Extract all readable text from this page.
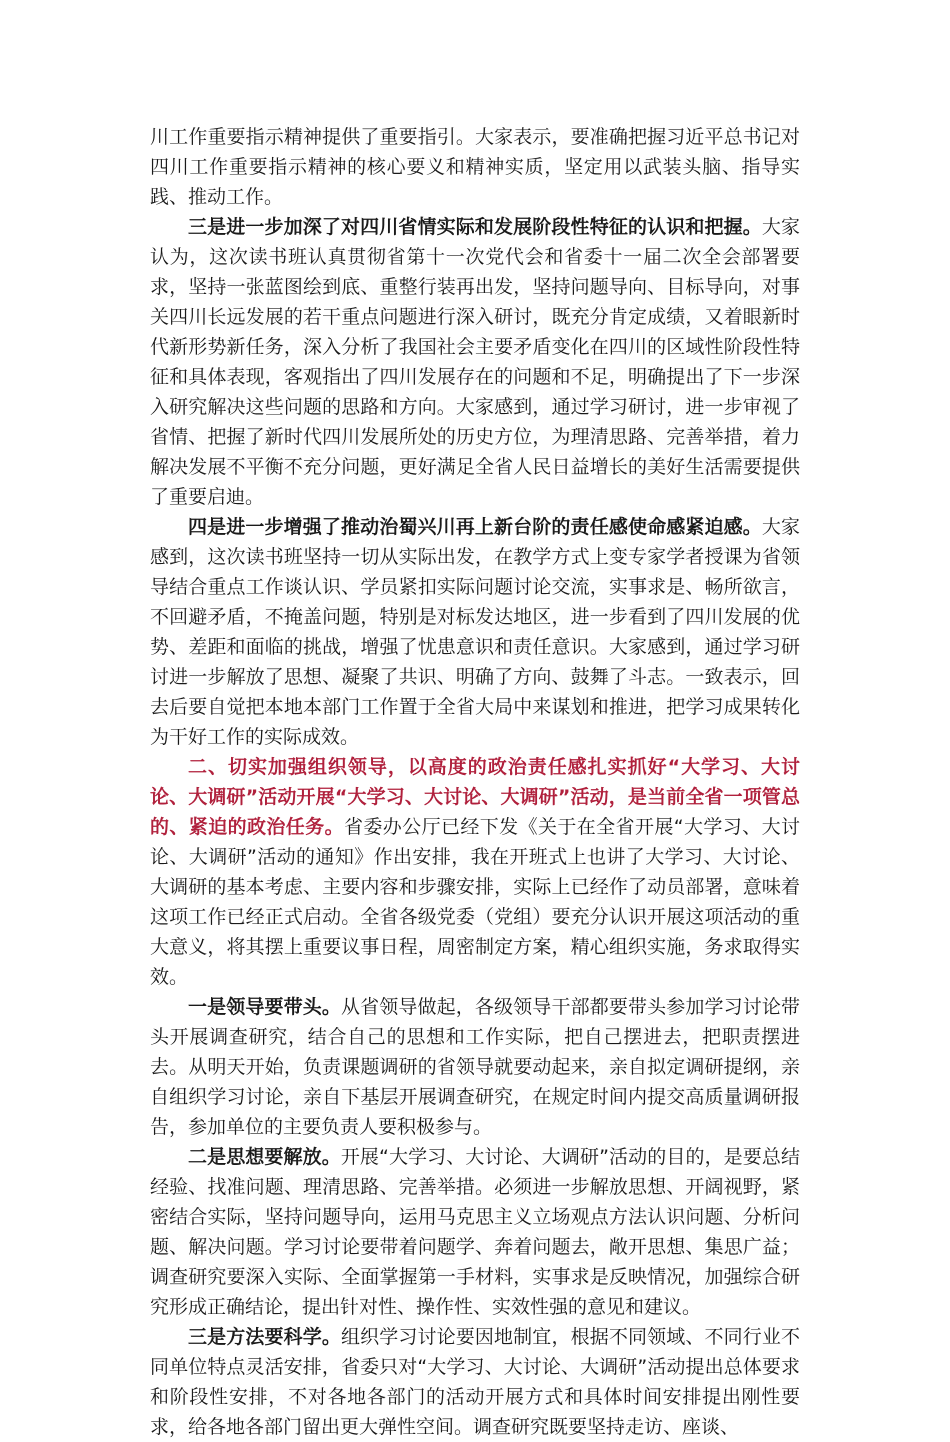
川工作重要指示精神提供了重要指引。大家表示，要准确把握习近平总书记对四川工作重要指示精神的核心要义和精神实质，坚定用以武装头脑、指导实践、推动工作。

三是进一步加深了对四川省情实际和发展阶段性特征的认识和把握。大家认为，这次读书班认真贯彻省第十一次党代会和省委十一届二次全会部署要求，坚持一张蓝图绘到底、重整行装再出发，坚持问题导向、目标导向，对事关四川长远发展的若干重点问题进行深入研讨，既充分肯定成绩，又着眼新时代新形势新任务，深入分析了我国社会主要矛盾变化在四川的区域性阶段性特征和具体表现，客观指出了四川发展存在的问题和不足，明确提出了下一步深入研究解决这些问题的思路和方向。大家感到，通过学习研讨，进一步审视了省情、把握了新时代四川发展所处的历史方位，为理清思路、完善举措，着力解决发展不平衡不充分问题，更好满足全省人民日益增长的美好生活需要提供了重要启迪。

四是进一步增强了推动治蜀兴川再上新台阶的责任感使命感紧迫感。大家感到，这次读书班坚持一切从实际出发，在教学方式上变专家学者授课为省领导结合重点工作谈认识、学员紧扣实际问题讨论交流，实事求是、畅所欲言，不回避矛盾，不掩盖问题，特别是对标发达地区，进一步看到了四川发展的优势、差距和面临的挑战，增强了忧患意识和责任意识。大家感到，通过学习研讨进一步解放了思想、凝聚了共识、明确了方向、鼓舞了斗志。一致表示，回去后要自觉把本地本部门工作置于全省大局中来谋划和推进，把学习成果转化为干好工作的实际成效。

二、切实加强组织领导，以高度的政治责任感扎实抓好“大学习、大讨论、大调研”活动开展“大学习、大讨论、大调研”活动，是当前全省一项管总的、紧迫的政治任务。省委办公厅已经下发《关于在全省开展“大学习、大讨论、大调研”活动的通知》作出安排，我在开班式上也讲了大学习、大讨论、大调研的基本考虑、主要内容和步骤安排，实际上已经作了动员部署，意味着这项工作已经正式启动。全省各级党委（党组）要充分认识开展这项活动的重大意义，将其摆上重要议事日程，周密制定方案，精心组织实施，务求取得实效。

一是领导要带头。从省领导做起，各级领导干部都要带头参加学习讨论带头开展调查研究，结合自己的思想和工作实际，把自己摆进去，把职责摆进去。从明天开始，负责课题调研的省领导就要动起来，亲自拟定调研提纲，亲自组织学习讨论，亲自下基层开展调查研究，在规定时间内提交高质量调研报告，参加单位的主要负责人要积极参与。

二是思想要解放。开展“大学习、大讨论、大调研”活动的目的，是要总结经验、找准问题、理清思路、完善举措。必须进一步解放思想、开阔视野，紧密结合实际，坚持问题导向，运用马克思主义立场观点方法认识问题、分析问题、解决问题。学习讨论要带着问题学、奔着问题去，敞开思想、集思广益；调查研究要深入实际、全面掌握第一手材料，实事求是反映情况，加强综合研究形成正确结论，提出针对性、操作性、实效性强的意见和建议。

三是方法要科学。组织学习讨论要因地制宜，根据不同领域、不同行业不同单位特点灵活安排，省委只对“大学习、大讨论、大调研”活动提出总体要求和阶段性安排，不对各地各部门的活动开展方式和具体时间安排提出刚性要求，给各地各部门留出更大弹性空间。调查研究既要坚持走访、座谈、
